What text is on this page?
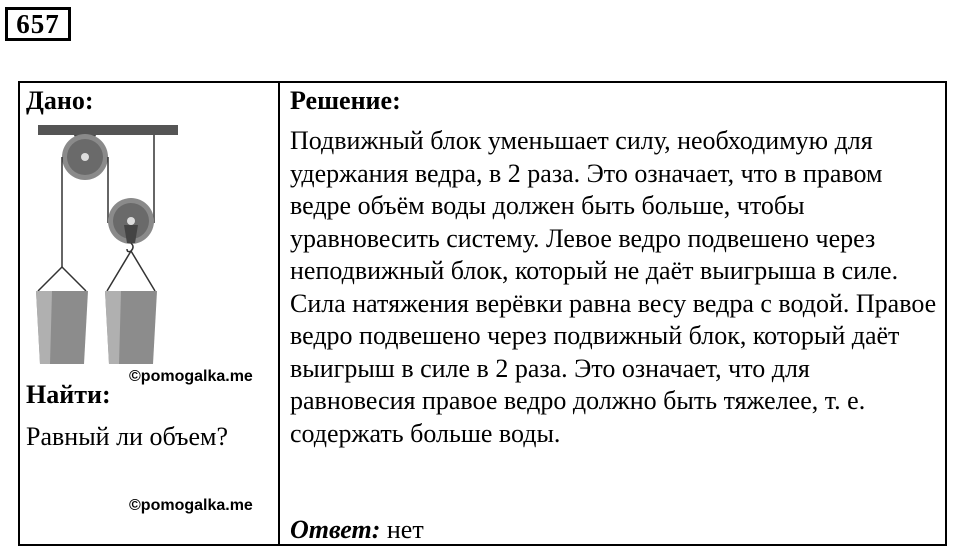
657
Дано:
©pomogalka.me
Найти:
Равный ли объем?
©pomogalka.me
Решение:

Подвижный блок уменьшает силу, необходимую для удержания ведра, в 2 раза. Это означает, что в правом ведре объём воды должен быть больше, чтобы уравновесить систему. Левое ведро подвешено через неподвижный блок, который не даёт выигрыша в силе. Сила натяжения верёвки равна весу ведра с водой. Правое ведро подвешено через подвижный блок, который даёт выигрыш в силе в 2 раза. Это означает, что для равновесия правое ведро должно быть тяжелее, т. е. содержать больше воды.

Ответ: нет
